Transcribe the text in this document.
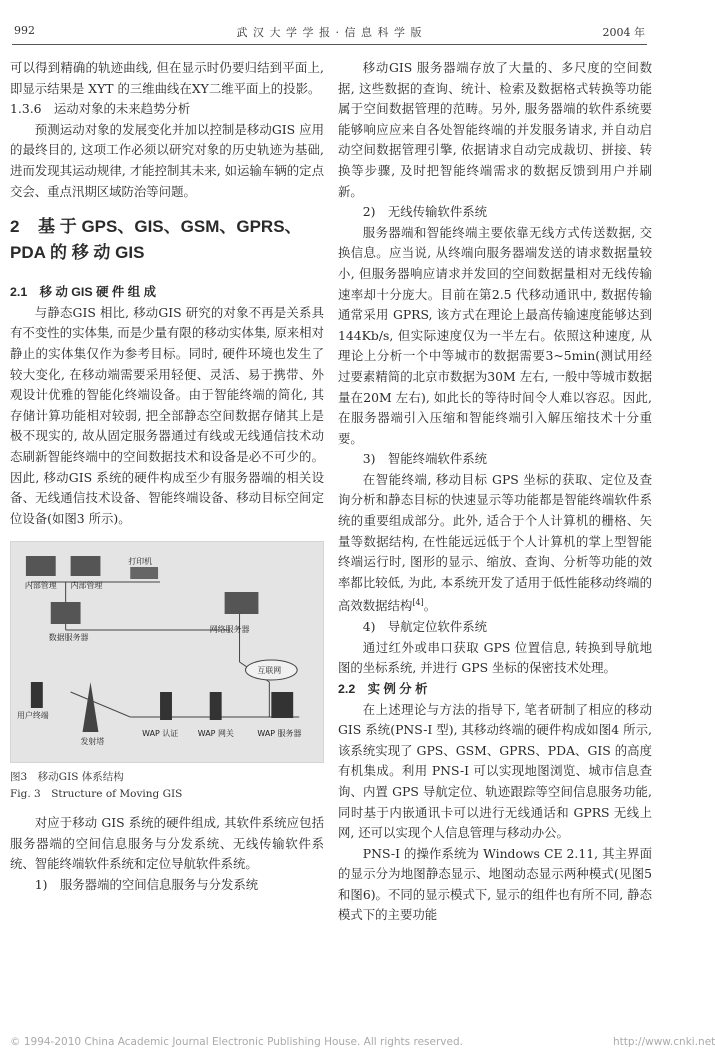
992	武 汉 大 学 学 报 · 信 息 科 学 版	2004 年

可以得到精确的轨迹曲线, 但在显示时仍要归结到平面上, 即显示结果是 XYT 的三维曲线在XY二维平面上的投影。

1.3.6　运动对象的未来趋势分析

预测运动对象的发展变化并加以控制是移动GIS 应用的最终目的, 这项工作必须以研究对象的历史轨迹为基础, 进而发现其运动规律, 才能控制其未来, 如运输车辆的定点交会、重点汛期区域防治等问题。

2 基 于 GPS、GIS、GSM、GPRS、PDA 的 移 动 GIS

2.1　移 动 GIS 硬 件 组 成

与静态GIS 相比, 移动GIS 研究的对象不再是关系具有不变性的实体集, 而是少量有限的移动实体集, 原来相对静止的实体集仅作为参考目标。同时, 硬件环境也发生了较大变化, 在移动端需要采用轻便、灵活、易于携带、外观设计优雅的智能化终端设备。由于智能终端的简化, 其存储计算功能相对较弱, 把全部静态空间数据存储其上是极不现实的, 故从固定服务器通过有线或无线通信技术动态刷新智能终端中的空间数据技术和设备是必不可少的。因此, 移动GIS 系统的硬件构成至少有服务器端的相关设备、无线通信技术设备、智能终端设备、移动目标空间定位设备(如图3 所示)。

内部管理 内部管理
打印机
数据服务器
网络服务器
互联网
用户终端
发射塔
WAP 认证 WAP 网关	WAP 服务器

图3　移动GIS 体系结构

Fig. 3　Structure of Moving GIS

对应于移动 GIS 系统的硬件组成, 其软件系统应包括服务器端的空间信息服务与分发系统、无线传输软件系统、智能终端软件系统和定位导航软件系统。

1)　服务器端的空间信息服务与分发系统

移动GIS 服务器端存放了大量的、多尺度的空间数据, 这些数据的查询、统计、检索及数据格式转换等功能属于空间数据管理的范畴。另外, 服务器端的软件系统要能够响应应来自各处智能终端的并发服务请求, 并自动启动空间数据管理引擎, 依据请求自动完成裁切、拼接、转换等步骤, 及时把智能终端需求的数据反馈到用户并刷新。

2)　无线传输软件系统

服务器端和智能终端主要依靠无线方式传送数据, 交换信息。应当说, 从终端向服务器端发送的请求数据量较小, 但服务器响应请求并发回的空间数据量相对无线传输速率却十分庞大。目前在第2.5 代移动通讯中, 数据传输通常采用 GPRS, 该方式在理论上最高传输速度能够达到 144Kb/s, 但实际速度仅为一半左右。依照这种速度, 从理论上分析一个中等城市的数据需要3~5min(测试用经过要素精简的北京市数据为30M 左右, 一般中等城市数据量在20M 左右), 如此长的等待时间令人难以容忍。因此, 在服务器端引入压缩和智能终端引入解压缩技术十分重要。

3)　智能终端软件系统

在智能终端, 移动目标 GPS 坐标的获取、定位及查询分析和静态目标的快速显示等功能都是智能终端软件系统的重要组成部分。此外, 适合于个人计算机的栅格、矢量等数据结构, 在性能远远低于个人计算机的掌上型智能终端运行时, 图形的显示、缩放、查询、分析等功能的效率都比较低, 为此, 本系统开发了适用于低性能移动终端的高效数据结构[4]。

4)　导航定位软件系统

通过红外或串口获取 GPS 位置信息, 转换到导航地图的坐标系统, 并进行 GPS 坐标的保密技术处理。

2.2　实 例 分 析

在上述理论与方法的指导下, 笔者研制了相应的移动GIS 系统(PNS-I 型), 其移动终端的硬件构成如图4 所示, 该系统实现了 GPS、GSM、GPRS、PDA、GIS 的高度有机集成。利用 PNS-I 可以实现地图浏览、城市信息查询、内置 GPS 导航定位、轨迹跟踪等空间信息服务功能, 同时基于内嵌通讯卡可以进行无线通话和 GPRS 无线上网, 还可以实现个人信息管理与移动办公。

PNS-I 的操作系统为 Windows CE 2.11, 其主界面的显示分为地图静态显示、地图动态显示两种模式(见图5 和图6)。不同的显示模式下, 显示的组件也有所不同, 静态模式下的主要功能

© 1994-2010 China Academic Journal Electronic Publishing House. All rights reserved.	http://www.cnki.net
